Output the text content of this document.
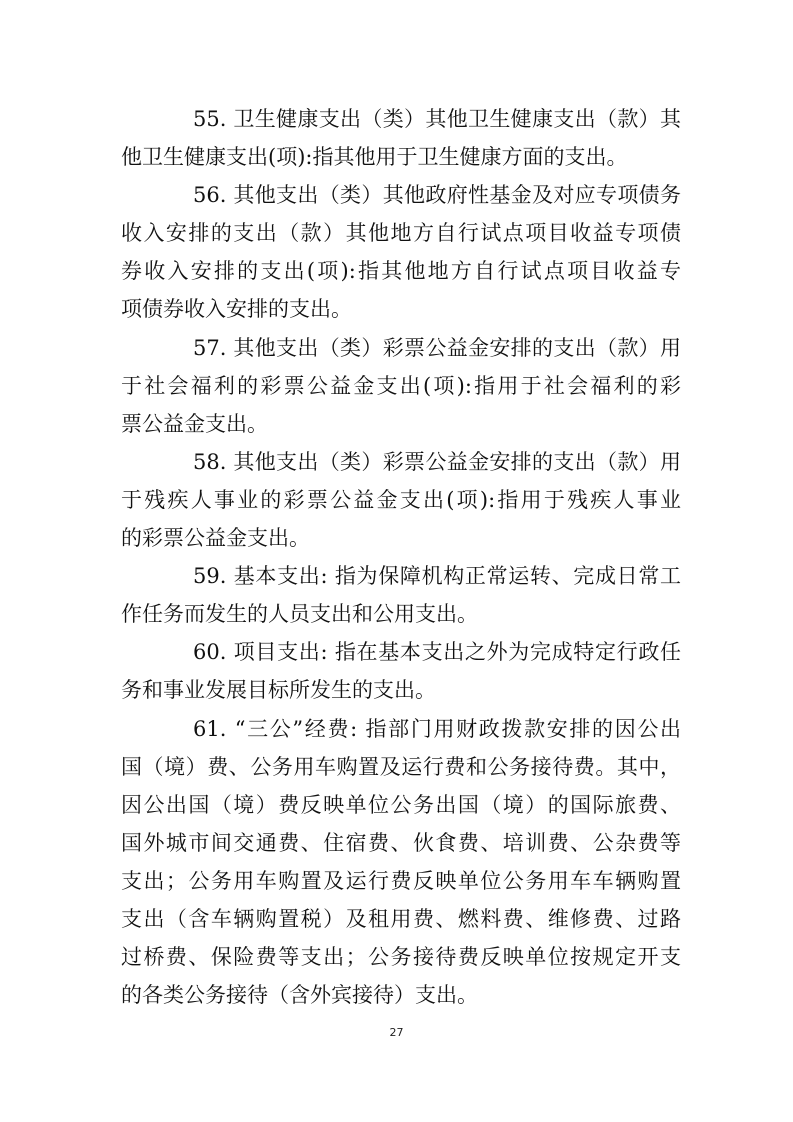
55. 卫生健康支出（类）其他卫生健康支出（款）其
他卫生健康支出(项):指其他用于卫生健康方面的支出。

56. 其他支出（类）其他政府性基金及对应专项债务
收入安排的支出（款）其他地方自行试点项目收益专项债
券收入安排的支出(项):指其他地方自行试点项目收益专
项债券收入安排的支出。

57. 其他支出（类）彩票公益金安排的支出（款）用
于社会福利的彩票公益金支出(项):指用于社会福利的彩
票公益金支出。

58. 其他支出（类）彩票公益金安排的支出（款）用
于残疾人事业的彩票公益金支出(项):指用于残疾人事业
的彩票公益金支出。

59. 基本支出: 指为保障机构正常运转、完成日常工
作任务而发生的人员支出和公用支出。

60. 项目支出: 指在基本支出之外为完成特定行政任
务和事业发展目标所发生的支出。

61. “三公”经费: 指部门用财政拨款安排的因公出
国（境）费、公务用车购置及运行费和公务接待费。其中，
因公出国（境）费反映单位公务出国（境）的国际旅费、
国外城市间交通费、住宿费、伙食费、培训费、公杂费等
支出；公务用车购置及运行费反映单位公务用车车辆购置
支出（含车辆购置税）及租用费、燃料费、维修费、过路
过桥费、保险费等支出；公务接待费反映单位按规定开支
的各类公务接待（含外宾接待）支出。

27
